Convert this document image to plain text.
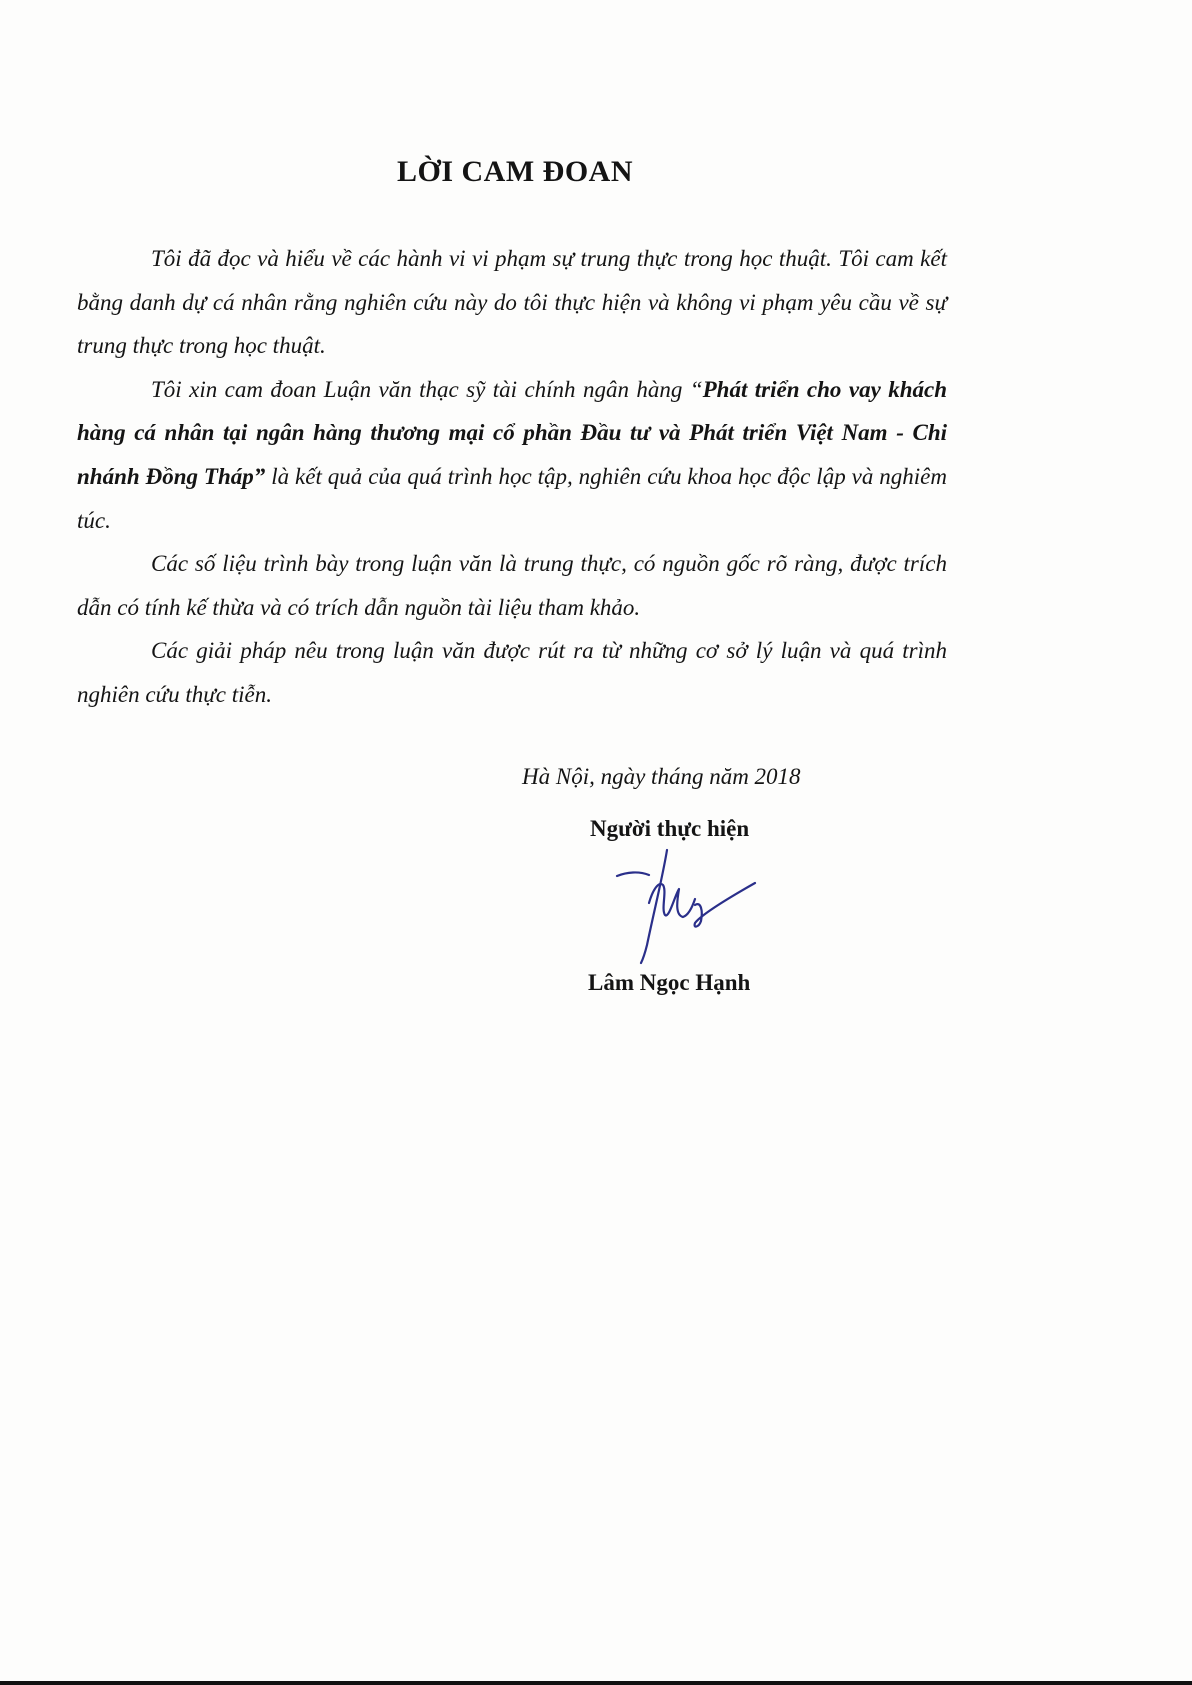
LỜI CAM ĐOAN

Tôi đã đọc và hiểu về các hành vi vi phạm sự trung thực trong học thuật. Tôi cam kết bằng danh dự cá nhân rằng nghiên cứu này do tôi thực hiện và không vi phạm yêu cầu về sự trung thực trong học thuật.

Tôi xin cam đoan Luận văn thạc sỹ tài chính ngân hàng “Phát triển cho vay khách hàng cá nhân tại ngân hàng thương mại cổ phần Đầu tư và Phát triển Việt Nam - Chi nhánh Đồng Tháp” là kết quả của quá trình học tập, nghiên cứu khoa học độc lập và nghiêm túc.

Các số liệu trình bày trong luận văn là trung thực, có nguồn gốc rõ ràng, được trích dẫn có tính kế thừa và có trích dẫn nguồn tài liệu tham khảo.

Các giải pháp nêu trong luận văn được rút ra từ những cơ sở lý luận và quá trình nghiên cứu thực tiễn.

Hà Nội, ngày tháng năm 2018

Người thực hiện

Lâm Ngọc Hạnh
